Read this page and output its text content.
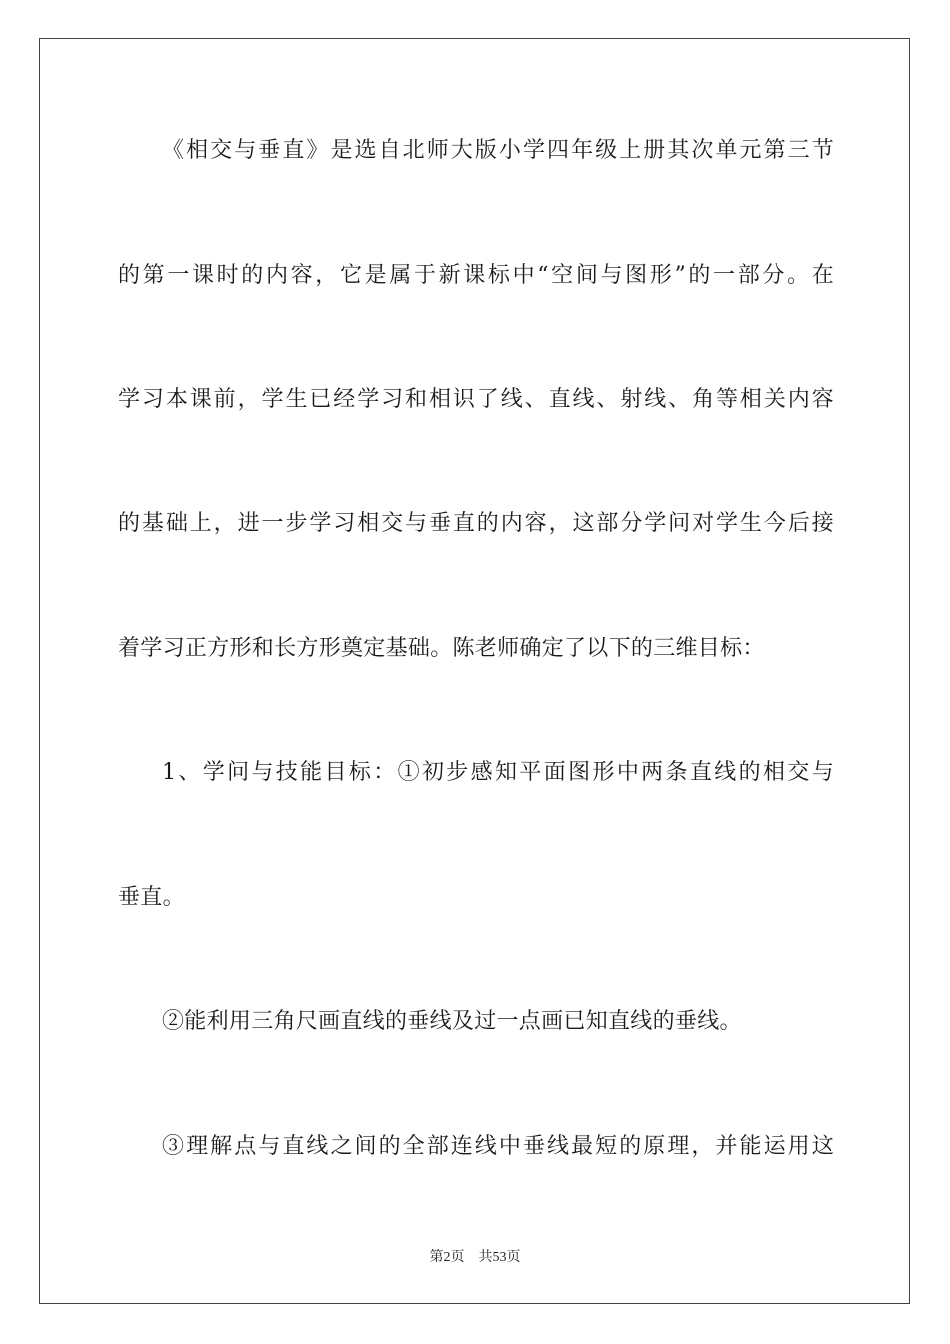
《相交与垂直》是选自北师大版小学四年级上册其次单元第三节
的第一课时的内容，它是属于新课标中“空间与图形”的一部分。在
学习本课前，学生已经学习和相识了线、直线、射线、角等相关内容
的基础上，进一步学习相交与垂直的内容，这部分学问对学生今后接
着学习正方形和长方形奠定基础。陈老师确定了以下的三维目标：
1、学问与技能目标：①初步感知平面图形中两条直线的相交与
垂直。
②能利用三角尺画直线的垂线及过一点画已知直线的垂线。
③理解点与直线之间的全部连线中垂线最短的原理，并能运用这
第2页 共53页
